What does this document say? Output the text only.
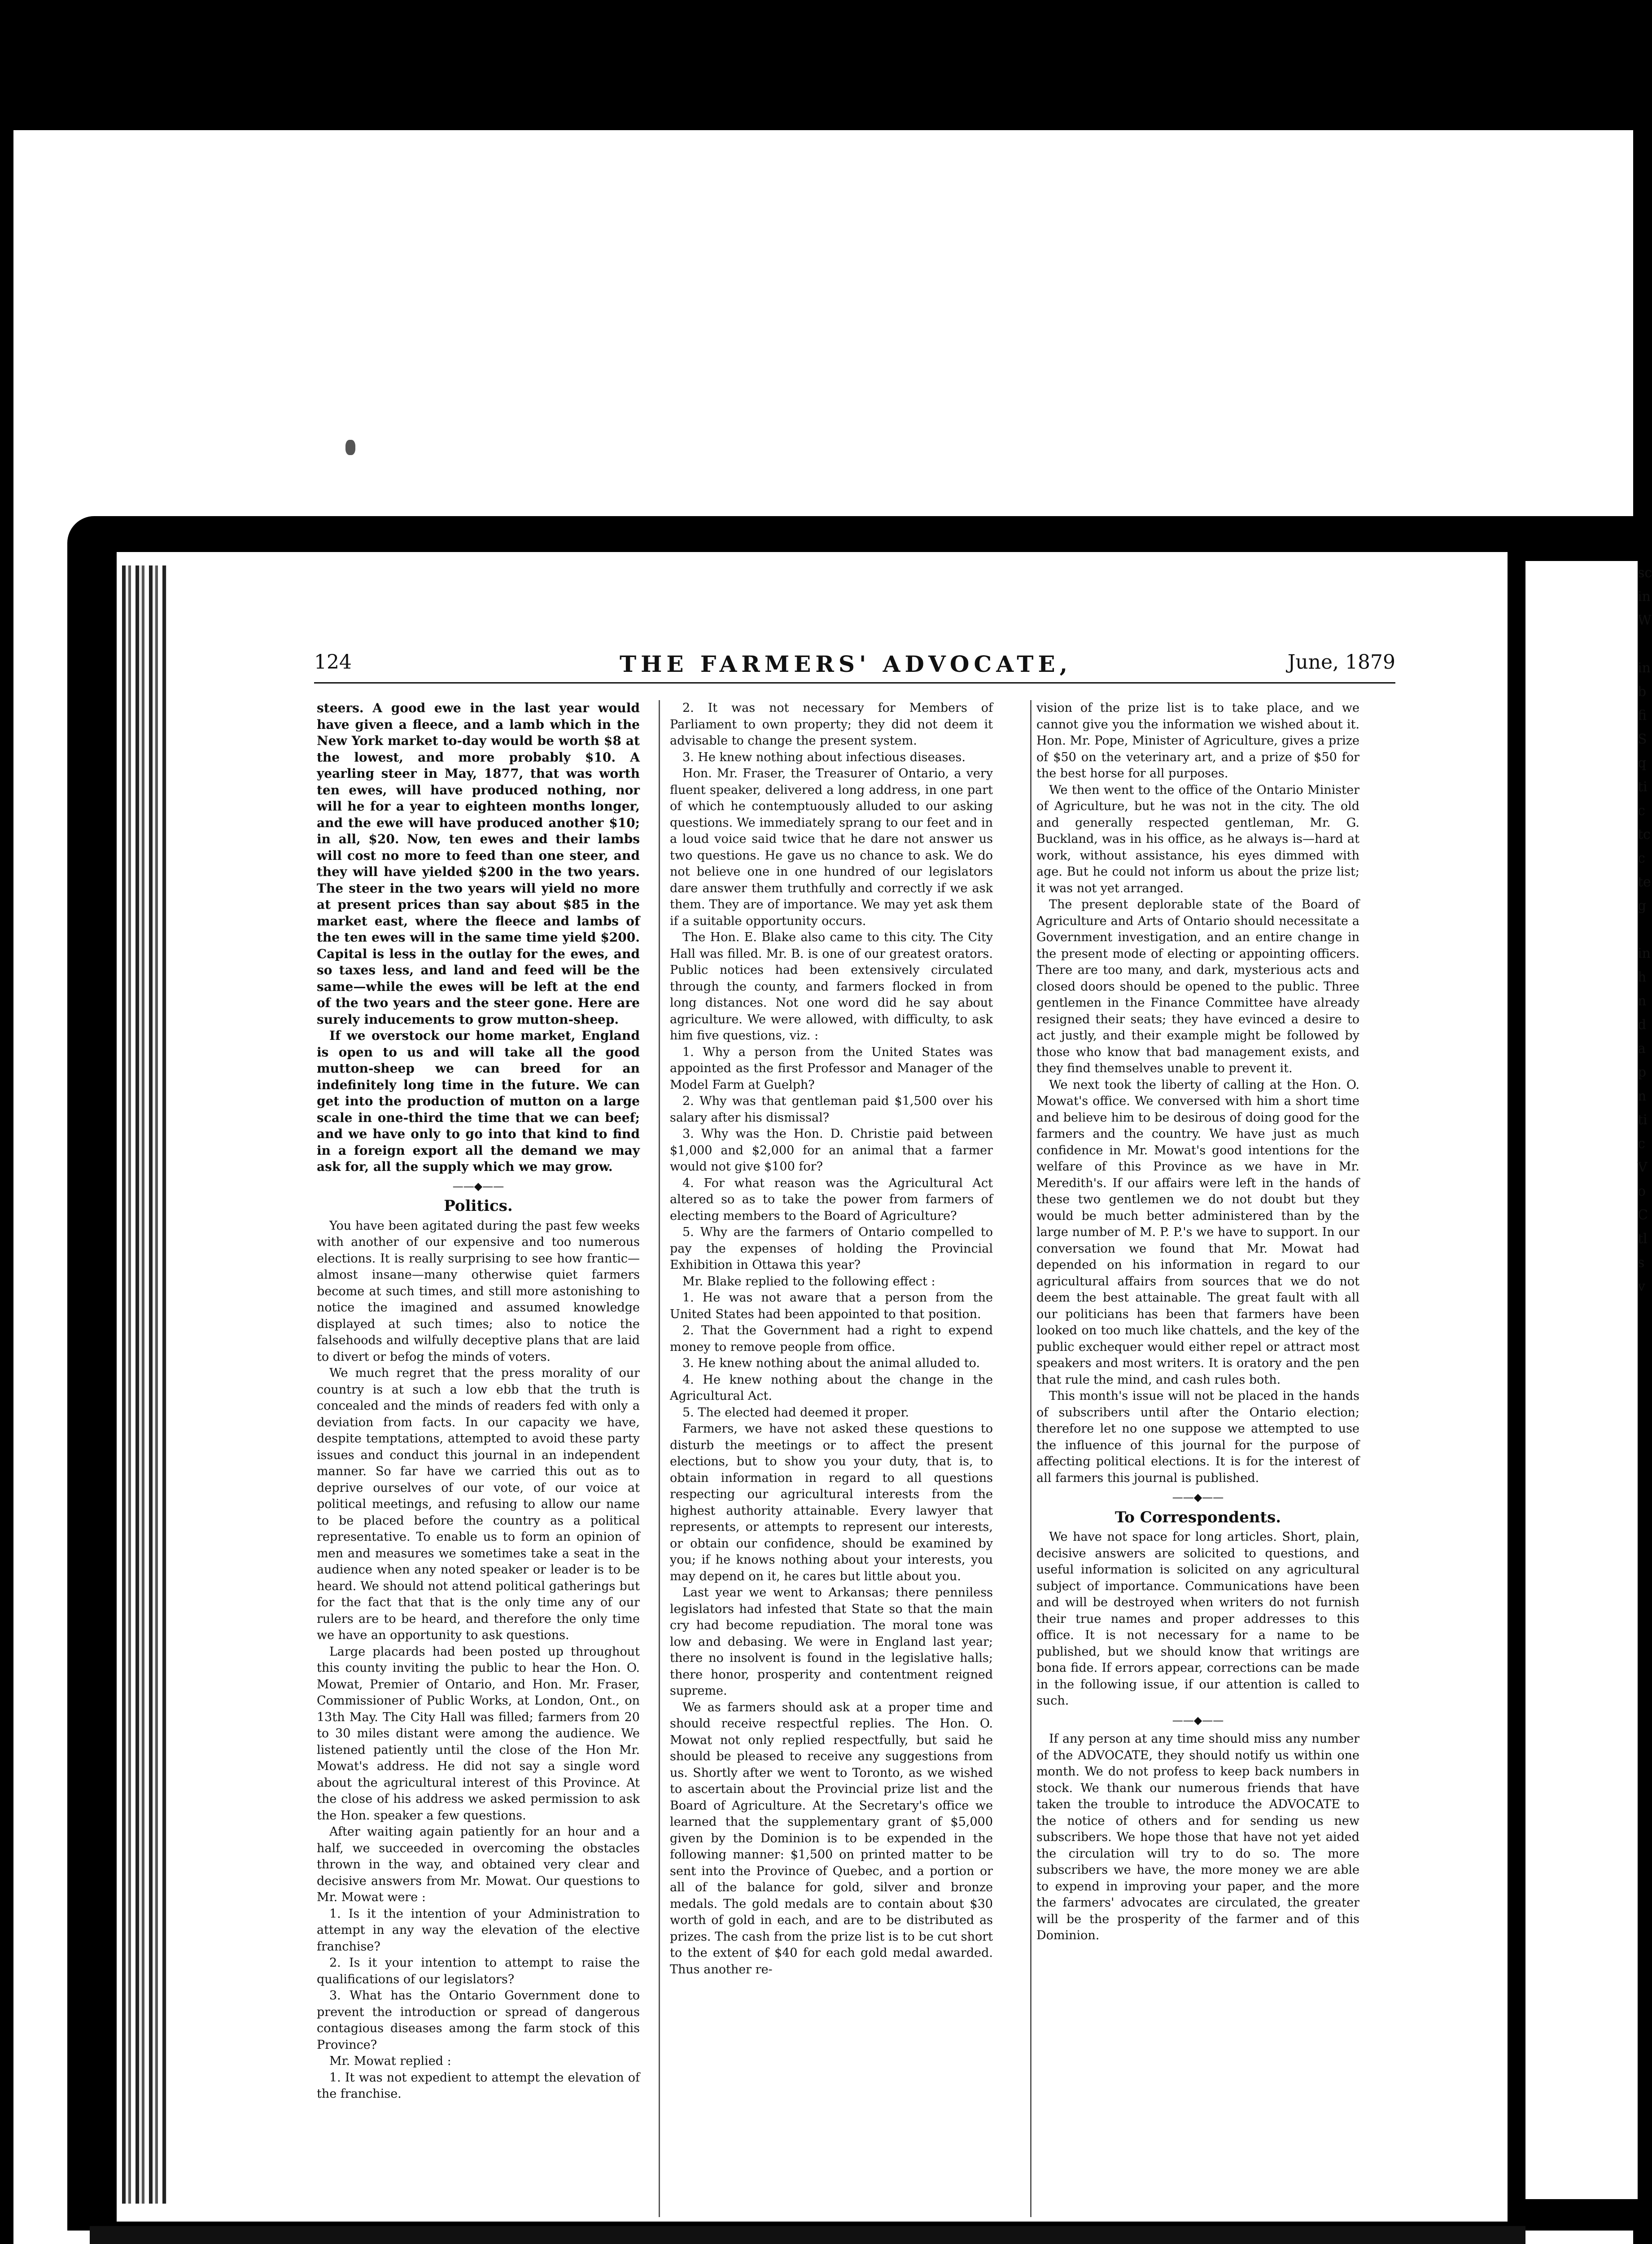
sc
in
W

in
b
fi
S
q
ti
c
tc
c
te
g

in
h
n
d
a
p
n
ti
c
V
o
C
tl
s
v
124	THE FARMERS' ADVOCATE,	June, 1879

steers. A good ewe in the last year would have given a fleece, and a lamb which in the New York market to-day would be worth $8 at the lowest, and more probably $10. A yearling steer in May, 1877, that was worth ten ewes, will have produced nothing, nor will he for a year to eighteen months longer, and the ewe will have produced another $10; in all, $20. Now, ten ewes and their lambs will cost no more to feed than one steer, and they will have yielded $200 in the two years. The steer in the two years will yield no more at present prices than say about $85 in the market east, where the fleece and lambs of the ten ewes will in the same time yield $200. Capital is less in the outlay for the ewes, and so taxes less, and land and feed will be the same—while the ewes will be left at the end of the two years and the steer gone. Here are surely inducements to grow mutton-sheep.

If we overstock our home market, England is open to us and will take all the good mutton-sheep we can breed for an indefinitely long time in the future. We can get into the production of mutton on a large scale in one-third the time that we can beef; and we have only to go into that kind to find in a foreign export all the demand we may ask for, all the supply which we may grow.

——◆——
Politics.

You have been agitated during the past few weeks with another of our expensive and too numerous elections. It is really surprising to see how frantic—almost insane—many otherwise quiet farmers become at such times, and still more astonishing to notice the imagined and assumed knowledge displayed at such times; also to notice the falsehoods and wilfully deceptive plans that are laid to divert or befog the minds of voters.

We much regret that the press morality of our country is at such a low ebb that the truth is concealed and the minds of readers fed with only a deviation from facts. In our capacity we have, despite temptations, attempted to avoid these party issues and conduct this journal in an independent manner. So far have we carried this out as to deprive ourselves of our vote, of our voice at political meetings, and refusing to allow our name to be placed before the country as a political representative. To enable us to form an opinion of men and measures we sometimes take a seat in the audience when any noted speaker or leader is to be heard. We should not attend political gatherings but for the fact that that is the only time any of our rulers are to be heard, and therefore the only time we have an opportunity to ask questions.

Large placards had been posted up throughout this county inviting the public to hear the Hon. O. Mowat, Premier of Ontario, and Hon. Mr. Fraser, Commissioner of Public Works, at London, Ont., on 13th May. The City Hall was filled; farmers from 20 to 30 miles distant were among the audience. We listened patiently until the close of the Hon Mr. Mowat's address. He did not say a single word about the agricultural interest of this Province. At the close of his address we asked permission to ask the Hon. speaker a few questions.

After waiting again patiently for an hour and a half, we succeeded in overcoming the obstacles thrown in the way, and obtained very clear and decisive answers from Mr. Mowat. Our questions to Mr. Mowat were :

1. Is it the intention of your Administration to attempt in any way the elevation of the elective franchise?

2. Is it your intention to attempt to raise the qualifications of our legislators?

3. What has the Ontario Government done to prevent the introduction or spread of dangerous contagious diseases among the farm stock of this Province?

Mr. Mowat replied :

1. It was not expedient to attempt the elevation of the franchise.

2. It was not necessary for Members of Parliament to own property; they did not deem it advisable to change the present system.

3. He knew nothing about infectious diseases.

Hon. Mr. Fraser, the Treasurer of Ontario, a very fluent speaker, delivered a long address, in one part of which he contemptuously alluded to our asking questions. We immediately sprang to our feet and in a loud voice said twice that he dare not answer us two questions. He gave us no chance to ask. We do not believe one in one hundred of our legislators dare answer them truthfully and correctly if we ask them. They are of importance. We may yet ask them if a suitable opportunity occurs.

The Hon. E. Blake also came to this city. The City Hall was filled. Mr. B. is one of our greatest orators. Public notices had been extensively circulated through the county, and farmers flocked in from long distances. Not one word did he say about agriculture. We were allowed, with difficulty, to ask him five questions, viz. :

1. Why a person from the United States was appointed as the first Professor and Manager of the Model Farm at Guelph?

2. Why was that gentleman paid $1,500 over his salary after his dismissal?

3. Why was the Hon. D. Christie paid between $1,000 and $2,000 for an animal that a farmer would not give $100 for?

4. For what reason was the Agricultural Act altered so as to take the power from farmers of electing members to the Board of Agriculture?

5. Why are the farmers of Ontario compelled to pay the expenses of holding the Provincial Exhibition in Ottawa this year?

Mr. Blake replied to the following effect :

1. He was not aware that a person from the United States had been appointed to that position.

2. That the Government had a right to expend money to remove people from office.

3. He knew nothing about the animal alluded to.

4. He knew nothing about the change in the Agricultural Act.

5. The elected had deemed it proper.

Farmers, we have not asked these questions to disturb the meetings or to affect the present elections, but to show you your duty, that is, to obtain information in regard to all questions respecting our agricultural interests from the highest authority attainable. Every lawyer that represents, or attempts to represent our interests, or obtain our confidence, should be examined by you; if he knows nothing about your interests, you may depend on it, he cares but little about you.

Last year we went to Arkansas; there penniless legislators had infested that State so that the main cry had become repudiation. The moral tone was low and debasing. We were in England last year; there no insolvent is found in the legislative halls; there honor, prosperity and contentment reigned supreme.

We as farmers should ask at a proper time and should receive respectful replies. The Hon. O. Mowat not only replied respectfully, but said he should be pleased to receive any suggestions from us. Shortly after we went to Toronto, as we wished to ascertain about the Provincial prize list and the Board of Agriculture. At the Secretary's office we learned that the supplementary grant of $5,000 given by the Dominion is to be expended in the following manner: $1,500 on printed matter to be sent into the Province of Quebec, and a portion or all of the balance for gold, silver and bronze medals. The gold medals are to contain about $30 worth of gold in each, and are to be distributed as prizes. The cash from the prize list is to be cut short to the extent of $40 for each gold medal awarded. Thus another re-

vision of the prize list is to take place, and we cannot give you the information we wished about it. Hon. Mr. Pope, Minister of Agriculture, gives a prize of $50 on the veterinary art, and a prize of $50 for the best horse for all purposes.

We then went to the office of the Ontario Minister of Agriculture, but he was not in the city. The old and generally respected gentleman, Mr. G. Buckland, was in his office, as he always is—hard at work, without assistance, his eyes dimmed with age. But he could not inform us about the prize list; it was not yet arranged.

The present deplorable state of the Board of Agriculture and Arts of Ontario should necessitate a Government investigation, and an entire change in the present mode of electing or appointing officers. There are too many, and dark, mysterious acts and closed doors should be opened to the public. Three gentlemen in the Finance Committee have already resigned their seats; they have evinced a desire to act justly, and their example might be followed by those who know that bad management exists, and they find themselves unable to prevent it.

We next took the liberty of calling at the Hon. O. Mowat's office. We conversed with him a short time and believe him to be desirous of doing good for the farmers and the country. We have just as much confidence in Mr. Mowat's good intentions for the welfare of this Province as we have in Mr. Meredith's. If our affairs were left in the hands of these two gentlemen we do not doubt but they would be much better administered than by the large number of M. P. P.'s we have to support. In our conversation we found that Mr. Mowat had depended on his information in regard to our agricultural affairs from sources that we do not deem the best attainable. The great fault with all our politicians has been that farmers have been looked on too much like chattels, and the key of the public exchequer would either repel or attract most speakers and most writers. It is oratory and the pen that rule the mind, and cash rules both.

This month's issue will not be placed in the hands of subscribers until after the Ontario election; therefore let no one suppose we attempted to use the influence of this journal for the purpose of affecting political elections. It is for the interest of all farmers this journal is published.

——◆——
To Correspondents.

We have not space for long articles. Short, plain, decisive answers are solicited to questions, and useful information is solicited on any agricultural subject of importance. Communications have been and will be destroyed when writers do not furnish their true names and proper addresses to this office. It is not necessary for a name to be published, but we should know that writings are bona fide. If errors appear, corrections can be made in the following issue, if our attention is called to such.

——◆——

If any person at any time should miss any number of the ADVOCATE, they should notify us within one month. We do not profess to keep back numbers in stock. We thank our numerous friends that have taken the trouble to introduce the ADVOCATE to the notice of others and for sending us new subscribers. We hope those that have not yet aided the circulation will try to do so. The more subscribers we have, the more money we are able to expend in improving your paper, and the more the farmers' advocates are circulated, the greater will be the prosperity of the farmer and of this Dominion.
